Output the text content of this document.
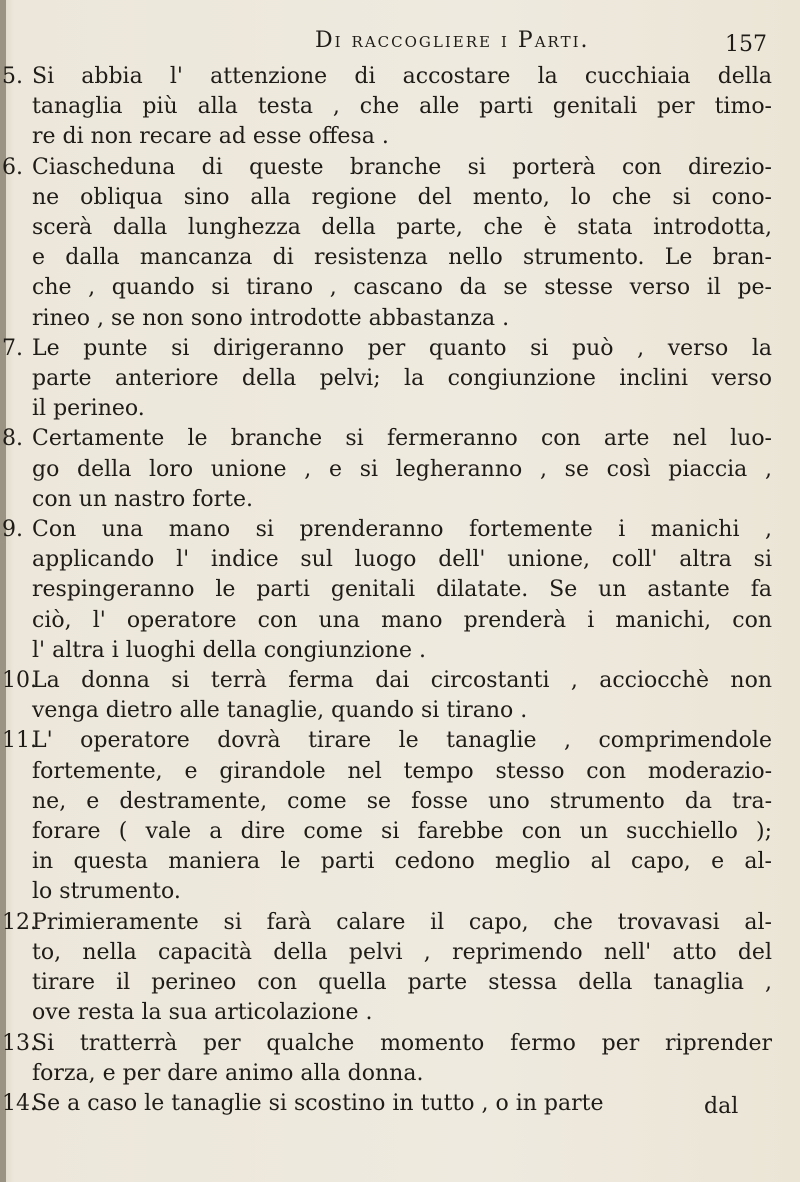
Di raccogliere i Parti.	157
5. Si abbia l' attenzione di accostare la cucchiaia della
tanaglia più alla testa , che alle parti genitali per timo-
re di non recare ad esse offesa .
6. Ciascheduna di queste branche si porterà con direzio-
ne obliqua sino alla regione del mento, lo che si cono-
scerà dalla lunghezza della parte, che è stata introdotta,
e dalla mancanza di resistenza nello strumento. Le bran-
che , quando si tirano , cascano da se stesse verso il pe-
rineo , se non sono introdotte abbastanza .
7. Le punte si dirigeranno per quanto si può , verso la
parte anteriore della pelvi; la congiunzione inclini verso
il perineo.
8. Certamente le branche si fermeranno con arte nel luo-
go della loro unione , e si legheranno , se così piaccia ,
con un nastro forte.
9. Con una mano si prenderanno fortemente i manichi ,
applicando l' indice sul luogo dell' unione, coll' altra si
respingeranno le parti genitali dilatate. Se un astante fa
ciò, l' operatore con una mano prenderà i manichi, con
l' altra i luoghi della congiunzione .
10.
La donna si terrà ferma dai circostanti , acciocchè non
venga dietro alle tanaglie, quando si tirano .
11.
L' operatore dovrà tirare le tanaglie , comprimendole
fortemente, e girandole nel tempo stesso con moderazio-
ne, e destramente, come se fosse uno strumento da tra-
forare ( vale a dire come si farebbe con un succhiello );
in questa maniera le parti cedono meglio al capo, e al-
lo strumento.
12.
Primieramente si farà calare il capo, che trovavasi al-
to, nella capacità della pelvi , reprimendo nell' atto del
tirare il perineo con quella parte stessa della tanaglia ,
ove resta la sua articolazione .
13.
Si tratterrà per qualche momento fermo per riprender
forza, e per dare animo alla donna.
14.
Se a caso le tanaglie si scostino in tutto , o in parte	dal
